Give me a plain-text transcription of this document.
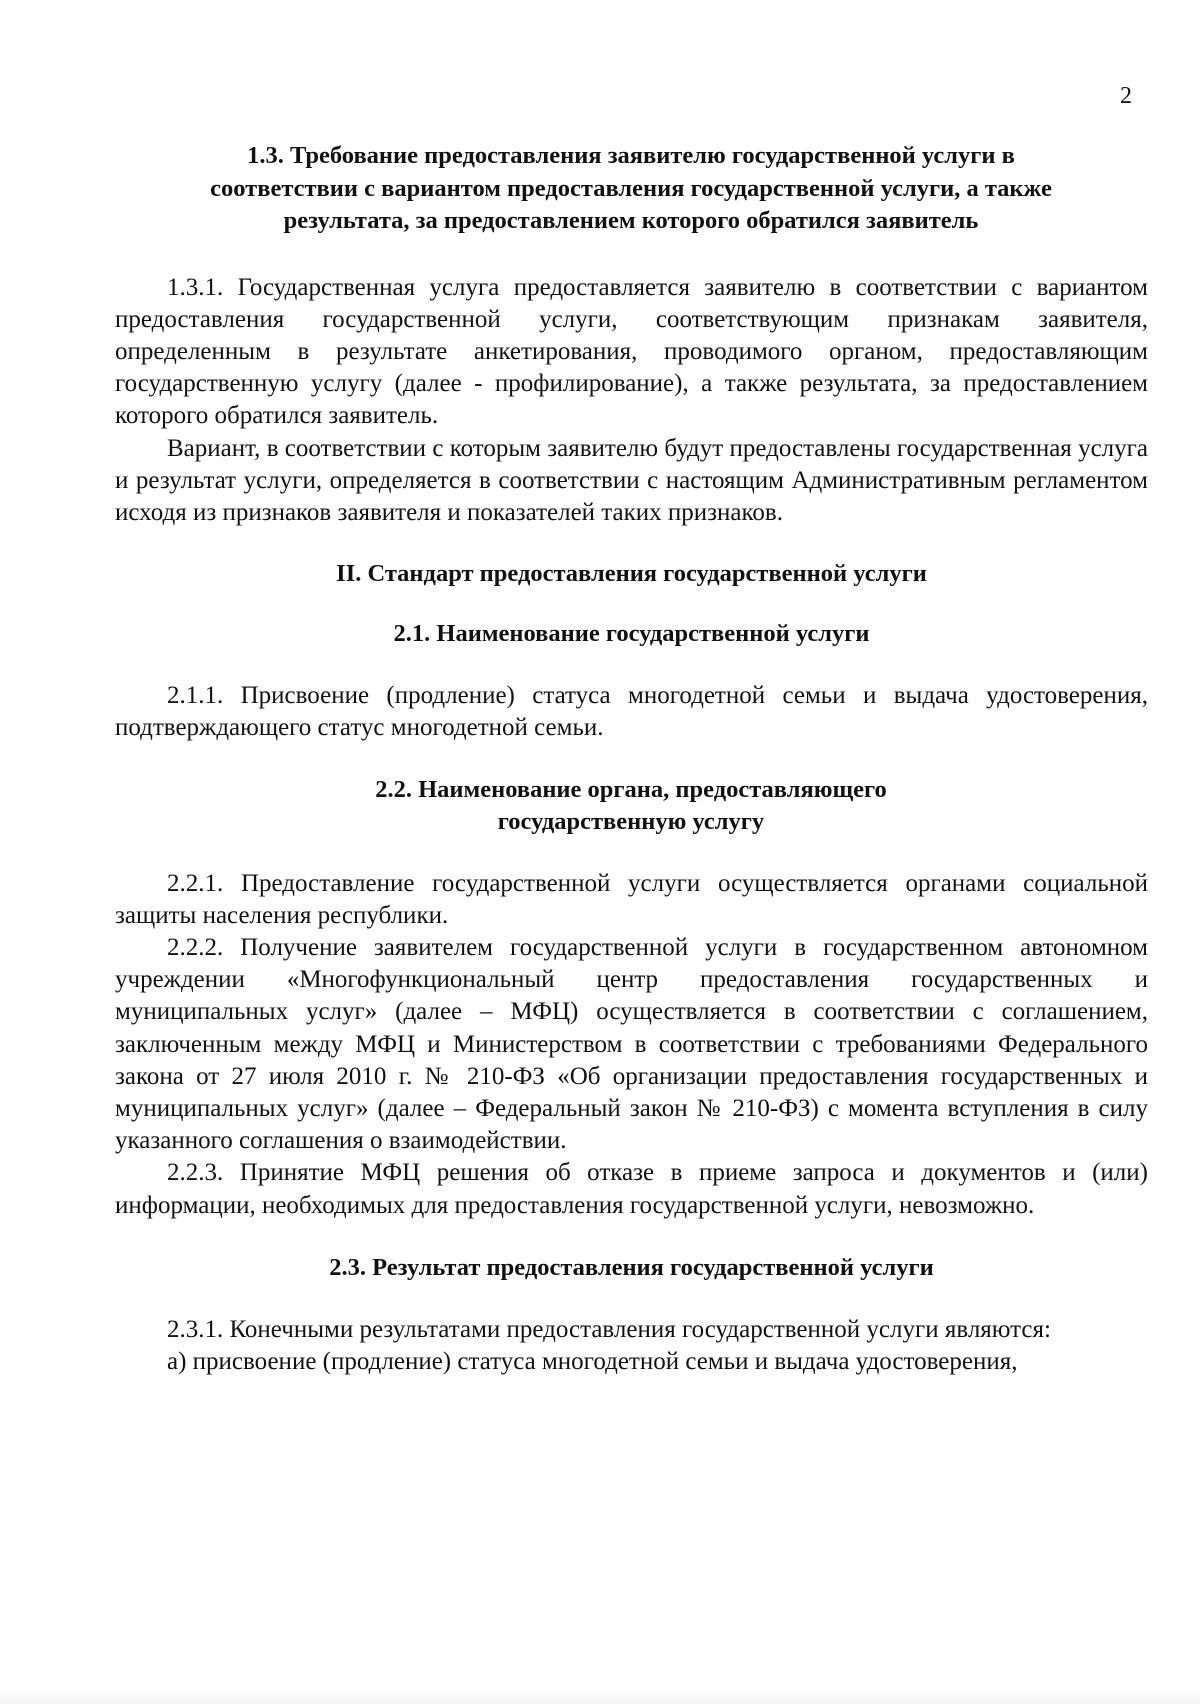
2
1.3. Требование предоставления заявителю государственной услуги в соответствии с вариантом предоставления государственной услуги, а также результата, за предоставлением которого обратился заявитель

1.3.1. Государственная услуга предоставляется заявителю в соответствии с вариантом предоставления государственной услуги, соответствующим признакам заявителя, определенным в результате анкетирования, проводимого органом, предоставляющим государственную услугу (далее - профилирование), а также результата, за предоставлением которого обратился заявитель.

Вариант, в соответствии с которым заявителю будут предоставлены государственная услуга и результат услуги, определяется в соответствии с настоящим Административным регламентом исходя из признаков заявителя и показателей таких признаков.

II. Стандарт предоставления государственной услуги
2.1. Наименование государственной услуги

2.1.1. Присвоение (продление) статуса многодетной семьи и выдача удостоверения, подтверждающего статус многодетной семьи.

2.2. Наименование органа, предоставляющего государственную услугу

2.2.1. Предоставление государственной услуги осуществляется органами социальной защиты населения республики.

2.2.2. Получение заявителем государственной услуги в государственном автономном учреждении «Многофункциональный центр предоставления государственных и муниципальных услуг» (далее – МФЦ) осуществляется в соответствии с соглашением, заключенным между МФЦ и Министерством в соответствии с требованиями Федерального закона от 27 июля 2010 г. № 210-ФЗ «Об организации предоставления государственных и муниципальных услуг» (далее – Федеральный закон № 210-ФЗ) с момента вступления в силу указанного соглашения о взаимодействии.

2.2.3. Принятие МФЦ решения об отказе в приеме запроса и документов и (или) информации, необходимых для предоставления государственной услуги, невозможно.

2.3. Результат предоставления государственной услуги

2.3.1. Конечными результатами предоставления государственной услуги являются:

а) присвоение (продление) статуса многодетной семьи и выдача удостоверения,
